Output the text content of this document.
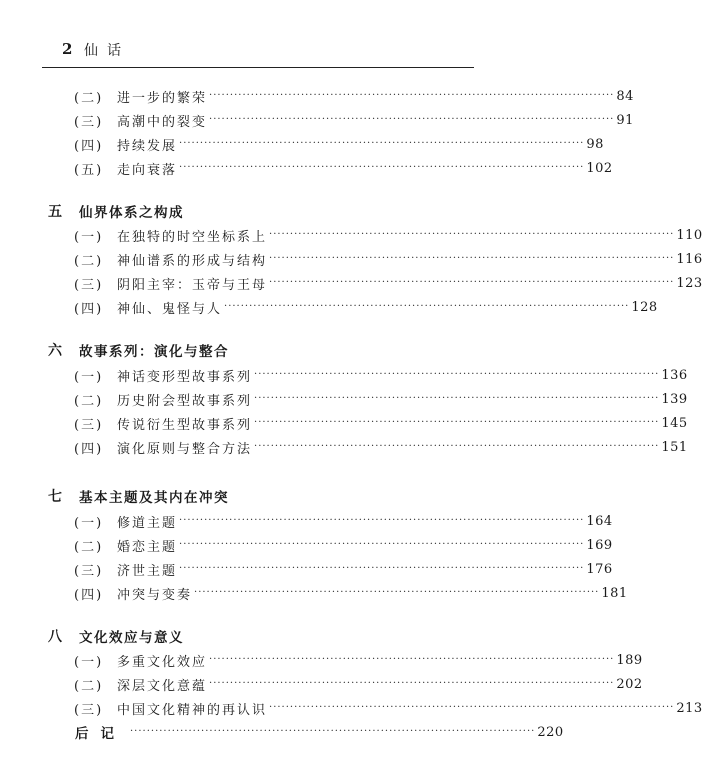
2 仙话
(二) 进一步的繁荣 ································································································· 84
(三) 高潮中的裂变 ································································································· 91
(四) 持续发展 ································································································· 98
(五) 走向衰落 ································································································· 102
五 仙界体系之构成
(一) 在独特的时空坐标系上 ································································································· 110
(二) 神仙谱系的形成与结构 ································································································· 116
(三) 阴阳主宰：玉帝与王母 ································································································· 123
(四) 神仙、鬼怪与人 ································································································· 128
六 故事系列：演化与整合
(一) 神话变形型故事系列 ································································································· 136
(二) 历史附会型故事系列 ································································································· 139
(三) 传说衍生型故事系列 ································································································· 145
(四) 演化原则与整合方法 ································································································· 151
七 基本主题及其内在冲突
(一) 修道主题 ································································································· 164
(二) 婚恋主题 ································································································· 169
(三) 济世主题 ································································································· 176
(四) 冲突与变奏 ································································································· 181
八 文化效应与意义
(一) 多重文化效应 ································································································· 189
(二) 深层文化意蕴 ································································································· 202
(三) 中国文化精神的再认识 ································································································· 213
后记 ································································································· 220
